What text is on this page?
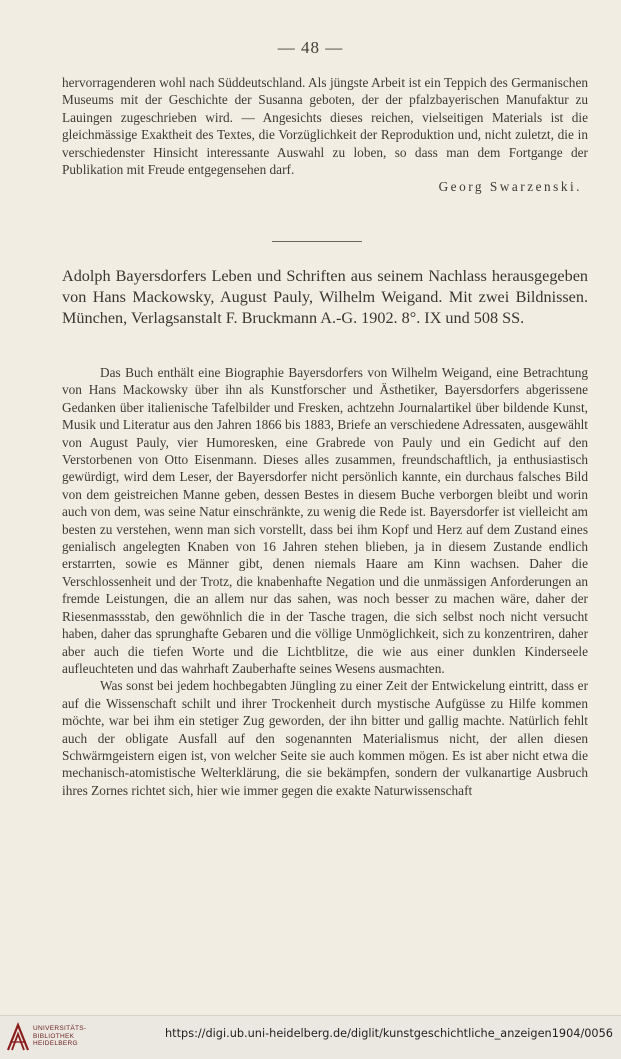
— 48 —

hervorragenderen wohl nach Süddeutschland. Als jüngste Arbeit ist ein Teppich des Germanischen Museums mit der Geschichte der Susanna geboten, der der pfalzbayerischen Manufaktur zu Lauingen zugeschrieben wird. — Angesichts dieses reichen, vielseitigen Materials ist die gleichmässige Exaktheit des Textes, die Vorzüglichkeit der Reproduktion und, nicht zuletzt, die in verschiedenster Hinsicht interessante Auswahl zu loben, so dass man dem Fortgange der Publikation mit Freude entgegensehen darf.

Georg Swarzenski.

Adolph Bayersdorfers Leben und Schriften aus seinem Nachlass herausgegeben von Hans Mackowsky, August Pauly, Wilhelm Weigand. Mit zwei Bildnissen. München, Verlagsanstalt F. Bruckmann A.-G. 1902. 8°. IX und 508 SS.

Das Buch enthält eine Biographie Bayersdorfers von Wilhelm Weigand, eine Betrachtung von Hans Mackowsky über ihn als Kunstforscher und Ästhetiker, Bayersdorfers abgerissene Gedanken über italienische Tafelbilder und Fresken, achtzehn Journalartikel über bildende Kunst, Musik und Literatur aus den Jahren 1866 bis 1883, Briefe an verschiedene Adressaten, ausgewählt von August Pauly, vier Humoresken, eine Grabrede von Pauly und ein Gedicht auf den Verstorbenen von Otto Eisenmann. Dieses alles zusammen, freundschaftlich, ja enthusiastisch gewürdigt, wird dem Leser, der Bayersdorfer nicht persönlich kannte, ein durchaus falsches Bild von dem geistreichen Manne geben, dessen Bestes in diesem Buche verborgen bleibt und worin auch von dem, was seine Natur einschränkte, zu wenig die Rede ist. Bayersdorfer ist vielleicht am besten zu verstehen, wenn man sich vorstellt, dass bei ihm Kopf und Herz auf dem Zustand eines genialisch angelegten Knaben von 16 Jahren stehen blieben, ja in diesem Zustande endlich erstarrten, sowie es Männer gibt, denen niemals Haare am Kinn wachsen. Daher die Verschlossenheit und der Trotz, die knabenhafte Negation und die unmässigen Anforderungen an fremde Leistungen, die an allem nur das sahen, was noch besser zu machen wäre, daher der Riesenmassstab, den gewöhnlich die in der Tasche tragen, die sich selbst noch nicht versucht haben, daher das sprunghafte Gebaren und die völlige Unmöglichkeit, sich zu konzentriren, daher aber auch die tiefen Worte und die Lichtblitze, die wie aus einer dunklen Kinderseele aufleuchteten und das wahrhaft Zauberhafte seines Wesens ausmachten.

Was sonst bei jedem hochbegabten Jüngling zu einer Zeit der Entwickelung eintritt, dass er auf die Wissenschaft schilt und ihrer Trockenheit durch mystische Aufgüsse zu Hilfe kommen möchte, war bei ihm ein stetiger Zug geworden, der ihn bitter und gallig machte. Natürlich fehlt auch der obligate Ausfall auf den sogenannten Materialismus nicht, der allen diesen Schwärmgeistern eigen ist, von welcher Seite sie auch kommen mögen. Es ist aber nicht etwa die mechanisch-atomistische Welterklärung, die sie bekämpfen, sondern der vulkanartige Ausbruch ihres Zornes richtet sich, hier wie immer gegen die exakte Naturwissenschaft

UNIVERSITÄTS-
BIBLIOTHEK
HEIDELBERG
https://digi.ub.uni-heidelberg.de/diglit/kunstgeschichtliche_anzeigen1904/0056
